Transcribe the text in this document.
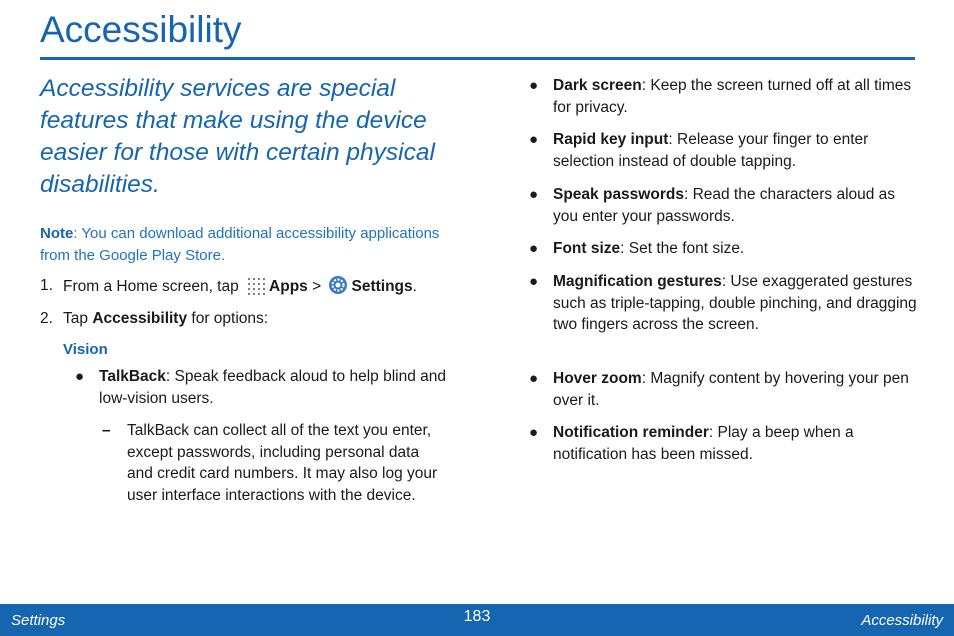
Accessibility
Accessibility services are special features that make using the device easier for those with certain physical disabilities.
Note: You can download additional accessibility applications from the Google Play Store.
1. From a Home screen, tap Apps > Settings.
2. Tap Accessibility for options:
Vision
● TalkBack: Speak feedback aloud to help blind and low-vision users.
– TalkBack can collect all of the text you enter, except passwords, including personal data and credit card numbers. It may also log your user interface interactions with the device.
● Dark screen: Keep the screen turned off at all times for privacy.
● Rapid key input: Release your finger to enter selection instead of double tapping.
● Speak passwords: Read the characters aloud as you enter your passwords.
● Font size: Set the font size.
● Magnification gestures: Use exaggerated gestures such as triple-tapping, double pinching, and dragging two fingers across the screen.
● Hover zoom: Magnify content by hovering your pen over it.
● Notification reminder: Play a beep when a notification has been missed.
Settings	183	Accessibility
